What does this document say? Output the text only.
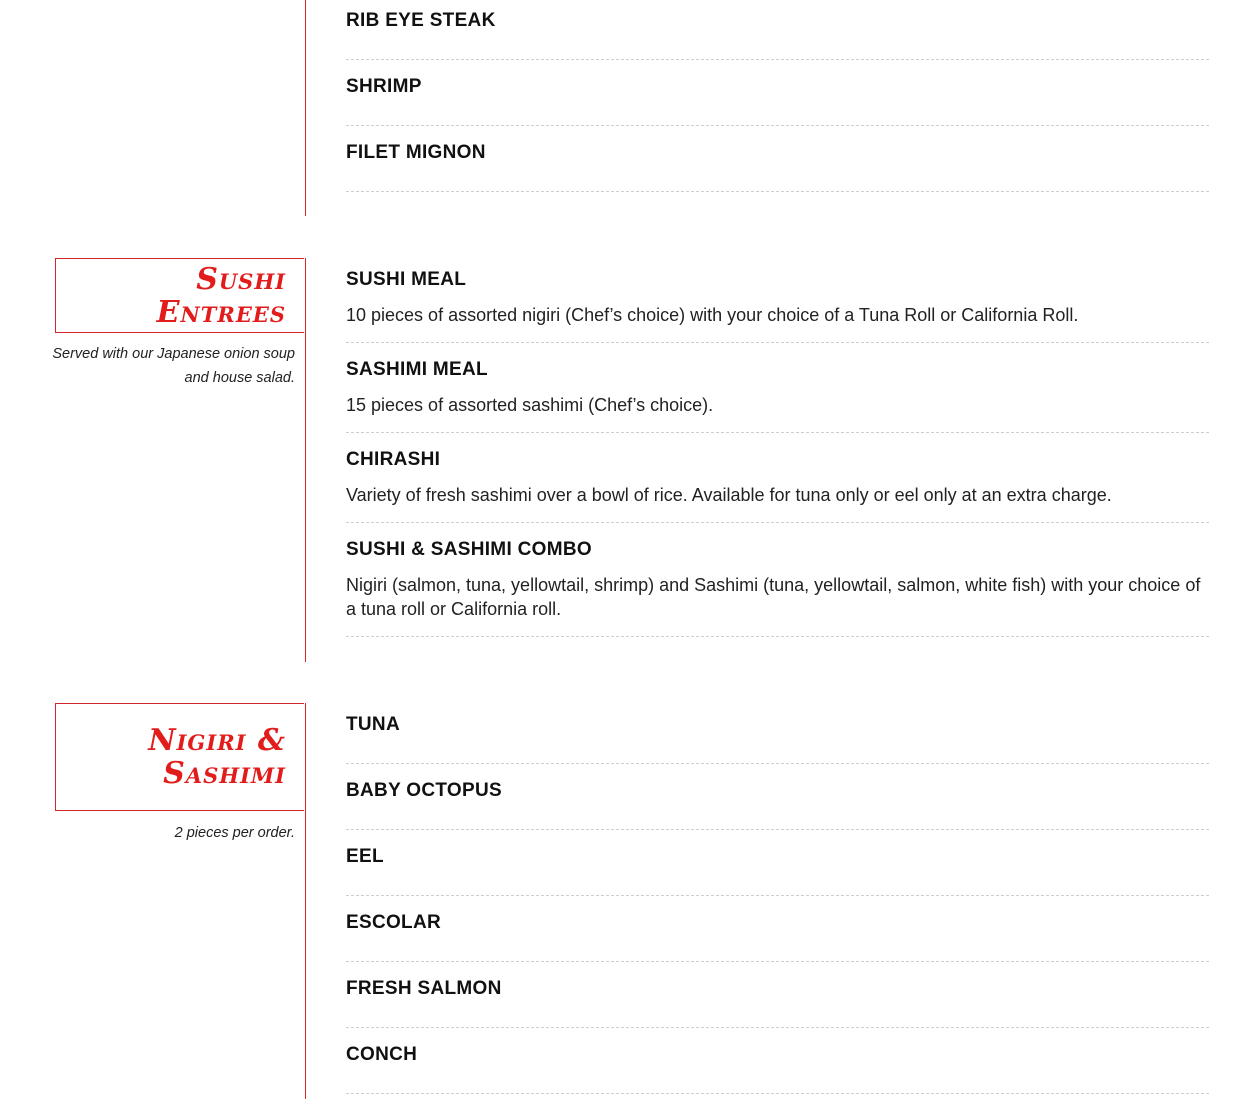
RIB EYE STEAK

SHRIMP

FILET MIGNON

Sushi Entrees
Served with our Japanese onion soup and house salad.

SUSHI MEAL

10 pieces of assorted nigiri (Chef’s choice) with your choice of a Tuna Roll or California Roll.

SASHIMI MEAL

15 pieces of assorted sashimi (Chef’s choice).

CHIRASHI

Variety of fresh sashimi over a bowl of rice. Available for tuna only or eel only at an extra charge.

SUSHI & SASHIMI COMBO

Nigiri (salmon, tuna, yellowtail, shrimp) and Sashimi (tuna, yellowtail, salmon, white fish) with your choice of a tuna roll or California roll.

Nigiri &
Sashimi
2 pieces per order.

TUNA

BABY OCTOPUS

EEL

ESCOLAR

FRESH SALMON

CONCH
